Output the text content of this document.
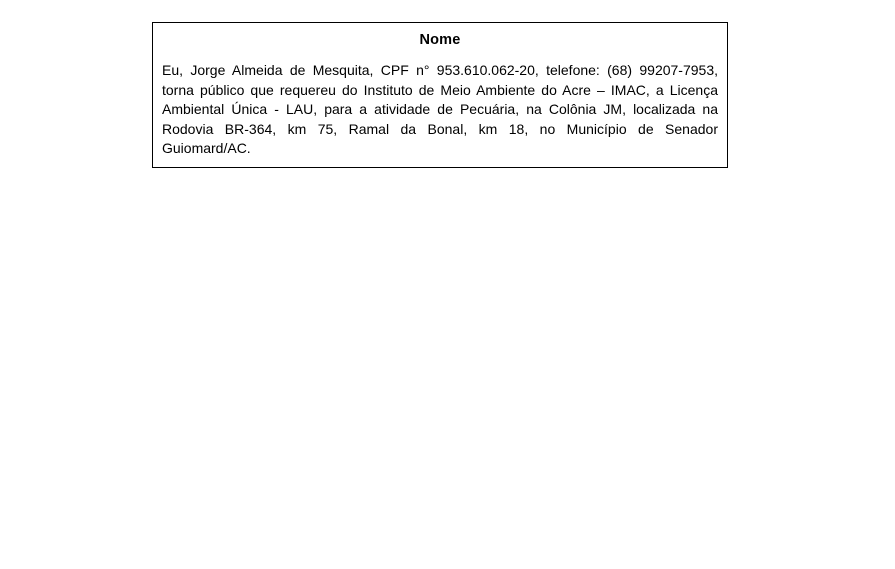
Nome

Eu, Jorge Almeida de Mesquita, CPF n° 953.610.062-20, telefone: (68) 99207-7953, torna público que requereu do Instituto de Meio Ambiente do Acre – IMAC, a Licença Ambiental Única - LAU, para a atividade de Pecuária, na Colônia JM, localizada na Rodovia BR-364, km 75, Ramal da Bonal, km 18, no Município de Senador Guiomard/AC.
